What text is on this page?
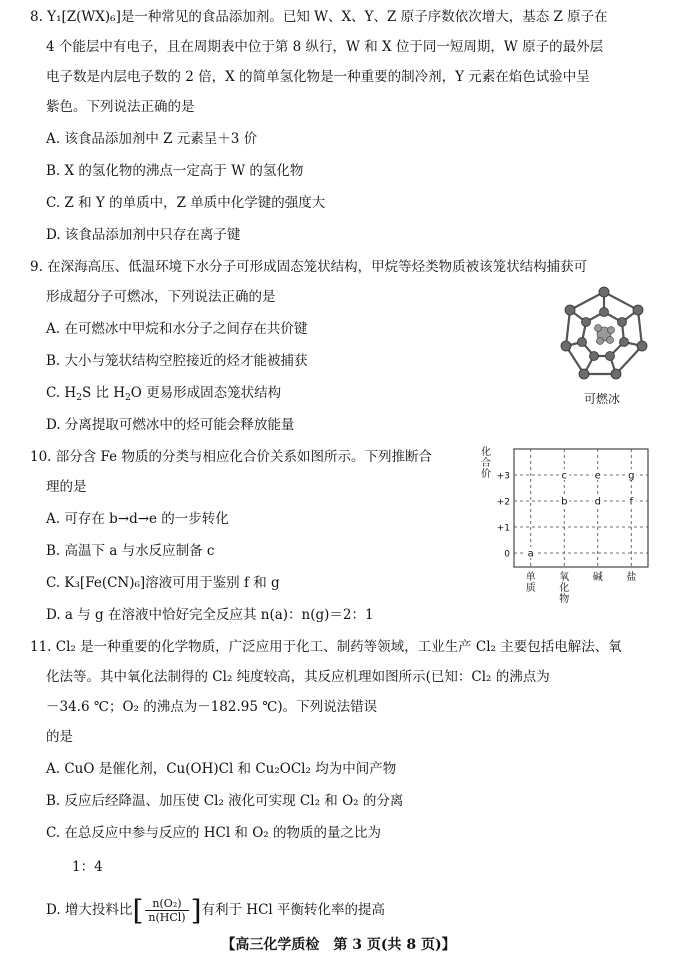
8. Y₁[Z(WX)₆]是一种常见的食品添加剂。已知 W、X、Y、Z 原子序数依次增大，基态 Z 原子在
4 个能层中有电子，且在周期表中位于第 8 纵行，W 和 X 位于同一短周期，W 原子的最外层
电子数是内层电子数的 2 倍，X 的简单氢化物是一种重要的制冷剂，Y 元素在焰色试验中呈
紫色。下列说法正确的是
A. 该食品添加剂中 Z 元素呈＋3 价
B. X 的氢化物的沸点一定高于 W 的氢化物
C. Z 和 Y 的单质中，Z 单质中化学键的强度大
D. 该食品添加剂中只存在离子键
9. 在深海高压、低温环境下水分子可形成固态笼状结构，甲烷等烃类物质被该笼状结构捕获可
形成超分子可燃冰，下列说法正确的是
A. 在可燃冰中甲烷和水分子之间存在共价键
B. 大小与笼状结构空腔接近的烃才能被捕获
C. $H_2S$ 比 $H_2O$ 更易形成固态笼状结构
D. 分离提取可燃冰中的烃可能会释放能量
可燃冰
10. 部分含 Fe 物质的分类与相应化合价关系如图所示。下列推断合
理的是
A. 可存在 b→d→e 的一步转化
B. 高温下 a 与水反应制备 c
C. K₃[Fe(CN)₆]溶液可用于鉴别 f 和 g
D. a 与 g 在溶液中恰好完全反应其 n(a)：n(g)＝2：1
0
+1
+2
+3
化
合
价
单
质
氧
化
物
碱 盐
a
b
c
d
e
f
g
11. Cl₂ 是一种重要的化学物质，广泛应用于化工、制药等领域，工业生产 Cl₂ 主要包括电解法、氧
化法等。其中氧化法制得的 Cl₂ 纯度较高，其反应机理如图所示(已知：Cl₂ 的沸点为
－34.6 ℃；O₂ 的沸点为－182.95 ℃)。下列说法错误
的是
A. CuO 是催化剂，Cu(OH)Cl 和 Cu₂OCl₂ 均为中间产物
B. 反应后经降温、加压使 Cl₂ 液化可实现 Cl₂ 和 O₂ 的分离
C. 在总反应中参与反应的 HCl 和 O₂ 的物质的量之比为
1：4
D. 增大投料比[ $\frac{\text{n(O₂)}}{\text{n(HCl)}}$ ]有利于 HCl 平衡转化率的提高
【高三化学质检　第 3 页(共 8 页)】
